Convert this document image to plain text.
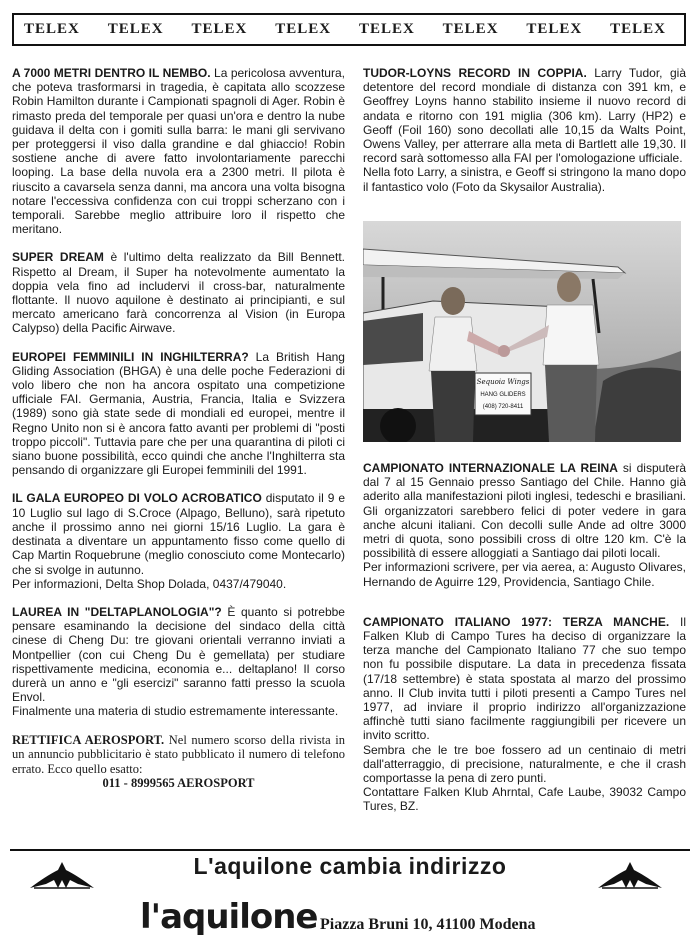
TELEX TELEX TELEX TELEX TELEX TELEX TELEX TELEX

A 7000 METRI DENTRO IL NEMBO. La pericolosa avventura, che poteva trasformarsi in tragedia, è capitata allo scozzese Robin Hamilton durante i Campionati spagnoli di Ager. Robin è rimasto preda del temporale per quasi un'ora e dentro la nube guidava il delta con i gomiti sulla barra: le mani gli servivano per proteggersi il viso dalla grandine e dal ghiaccio! Robin sostiene anche di avere fatto involontariamente parecchi looping. La base della nuvola era a 2300 metri. Il pilota è riuscito a cavarsela senza danni, ma ancora una volta bisogna notare l'eccessiva confidenza con cui troppi scherzano con i temporali. Sarebbe meglio attribuire loro il rispetto che meritano.

SUPER DREAM è l'ultimo delta realizzato da Bill Bennett. Rispetto al Dream, il Super ha notevolmente aumentato la doppia vela fino ad includervi il cross-bar, naturalmente flottante. Il nuovo aquilone è destinato ai principianti, e sul mercato americano farà concorrenza al Vision (in Europa Calypso) della Pacific Airwave.

EUROPEI FEMMINILI IN INGHILTERRA? La British Hang Gliding Association (BHGA) è una delle poche Federazioni di volo libero che non ha ancora ospitato una competizione ufficiale FAI. Germania, Austria, Francia, Italia e Svizzera (1989) sono già state sede di mondiali ed europei, mentre il Regno Unito non si è ancora fatto avanti per problemi di "posti troppo piccoli". Tuttavia pare che per una quarantina di piloti ci siano buone possibilità, ecco quindi che anche l'Inghilterra sta pensando di organizzare gli Europei femminili del 1991.

IL GALA EUROPEO DI VOLO ACROBATICO disputato il 9 e 10 Luglio sul lago di S.Croce (Alpago, Belluno), sarà ripetuto anche il prossimo anno nei giorni 15/16 Luglio. La gara è destinata a diventare un appuntamento fisso come quello di Cap Martin Roquebrune (meglio conosciuto come Montecarlo) che si svolge in autunno.

Per informazioni, Delta Shop Dolada, 0437/479040.

LAUREA IN "DELTAPLANOLOGIA"? È quanto si potrebbe pensare esaminando la decisione del sindaco della città cinese di Cheng Du: tre giovani orientali verranno inviati a Montpellier (con cui Cheng Du è gemellata) per studiare rispettivamente medicina, economia e... deltaplano! Il corso durerà un anno e "gli esercizi" saranno fatti presso la scuola Envol.

Finalmente una materia di studio estremamente interessante.

RETTIFICA AEROSPORT. Nel numero scorso della rivista in un annuncio pubblicitario è stato pubblicato il numero di telefono errato. Ecco quello esatto:

011 - 8999565 AEROSPORT

TUDOR-LOYNS RECORD IN COPPIA. Larry Tudor, già detentore del record mondiale di distanza con 391 km, e Geoffrey Loyns hanno stabilito insieme il nuovo record di andata e ritorno con 191 miglia (306 km). Larry (HP2) e Geoff (Foil 160) sono decollati alle 10,15 da Walts Point, Owens Valley, per atterrare alla meta di Bartlett alle 19,30. Il record sarà sottomesso alla FAI per l'omologazione ufficiale.

Nella foto Larry, a sinistra, e Geoff si stringono la mano dopo il fantastico volo (Foto da Skysailor Australia).

Sequoia Wings
HANG GLIDERS
(408) 720-8411

CAMPIONATO INTERNAZIONALE LA REINA si disputerà dal 7 al 15 Gennaio presso Santiago del Chile. Hanno già aderito alla manifestazioni piloti inglesi, tedeschi e brasiliani. Gli organizzatori sarebbero felici di poter vedere in gara anche alcuni italiani. Con decolli sulle Ande ad oltre 3000 metri di quota, sono possibili cross di oltre 120 km. C'è la possibilità di essere alloggiati a Santiago dai piloti locali.

Per informazioni scrivere, per via aerea, a: Augusto Olivares, Hernando de Aguirre 129, Providencia, Santiago Chile.

CAMPIONATO ITALIANO 1977: TERZA MANCHE. Il Falken Klub di Campo Tures ha deciso di organizzare la terza manche del Campionato Italiano 77 che suo tempo non fu possibile disputare. La data in precedenza fissata (17/18 settembre) è stata spostata al marzo del prossimo anno. Il Club invita tutti i piloti presenti a Campo Tures nel 1977, ad inviare il proprio indirizzo all'organizzazione affinchè tutti siano facilmente raggiungibili per ricevere un invito scritto.

Sembra che le tre boe fossero ad un centinaio di metri dall'atterraggio, di precisione, naturalmente, e che il crash comportasse la pena di zero punti.

Contattare Falken Klub Ahrntal, Cafe Laube, 39032 Campo Tures, BZ.

L'aquilone cambia indirizzo
l'aquilone Piazza Bruni 10, 41100 Modena
